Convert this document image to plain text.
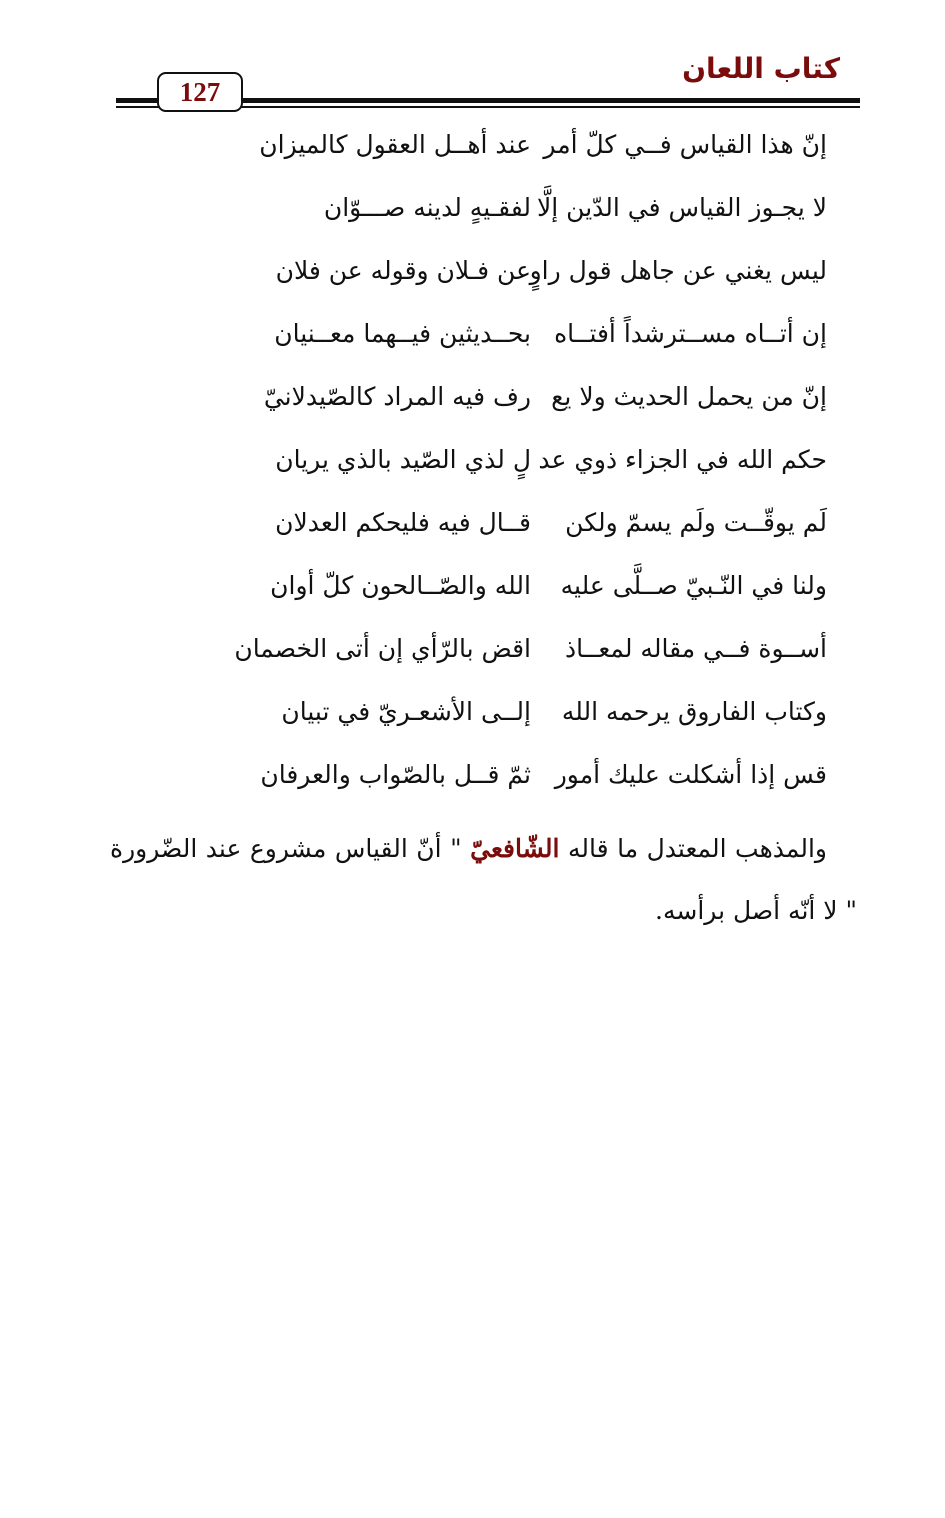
كتاب اللعان
127
إنّ هذا القياس فــي كلّ أمر
عند أهــل العقول كالميزان
لا يجـوز القياس في الدّين إلَّا
لفقـيهٍ لدينه صـــوّان
ليس يغني عن جاهل قول راوٍ
عن فـلان وقوله عن فلان
إن أتــاه مســترشداً أفتــاه
بحــديثين فيــهما معــنيان
إنّ من يحمل الحديث ولا يع
رف فيه المراد كالصّيدلانيّ
حكم الله في الجزاء ذوي عد
لٍ لذي الصّيد بالذي يريان
لَم يوقّــت ولَم يسمّ ولكن
قــال فيه فليحكم العدلان
ولنا في النّـبيّ صــلَّى عليه
الله والصّــالحون كلّ أوان
أســوة فــي مقاله لمعــاذ
اقض بالرّأي إن أتى الخصمان
وكتاب الفاروق يرحمه الله
إلــى الأشعـريّ في تبيان
قس إذا أشكلت عليك أمور
ثمّ قــل بالصّواب والعرفان
والمذهب المعتدل ما قاله الشّافعيّ " أنّ القياس مشروع عند الضّرورة " لا أنّه أصل برأسه.
